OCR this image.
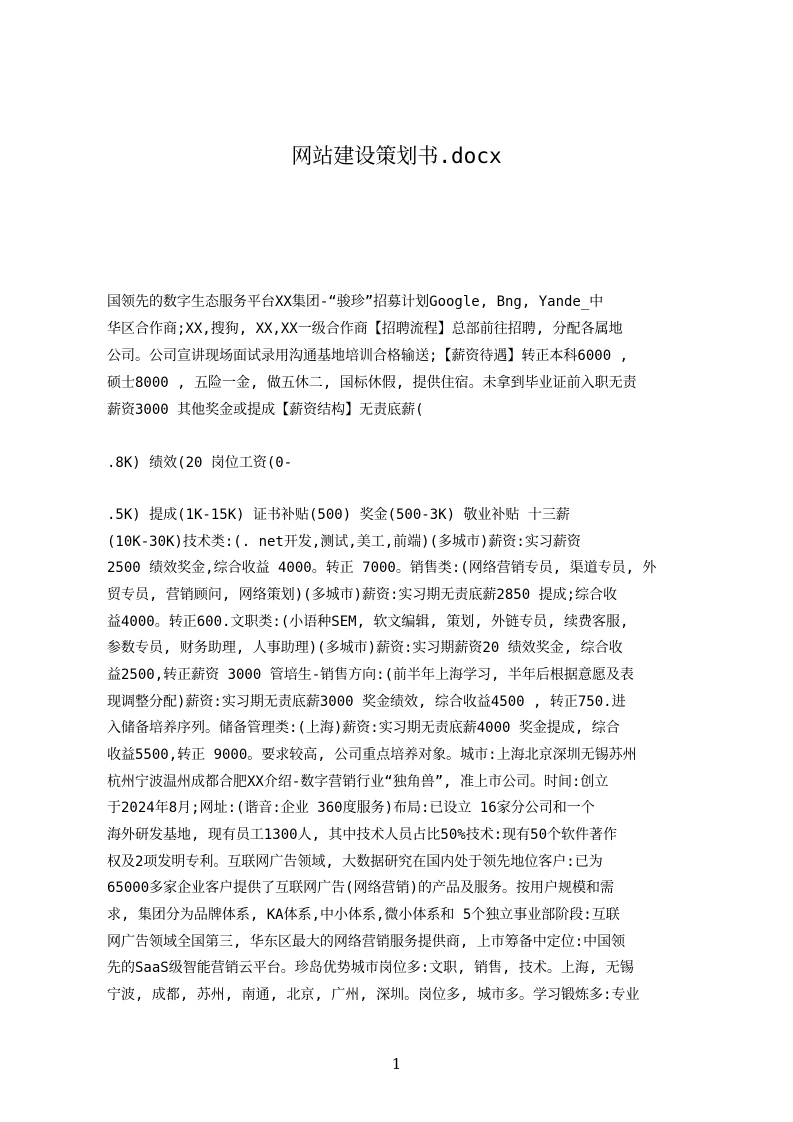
网站建设策划书.docx
国领先的数字生态服务平台XX集团-“骏珍”招募计划Google, Bng, Yande_中
华区合作商;XX,搜狗, XX,XX一级合作商【招聘流程】总部前往招聘, 分配各属地
公司。公司宣讲现场面试录用沟通基地培训合格输送;【薪资待遇】转正本科6000 ,
硕士8000 , 五险一金, 做五休二, 国标休假, 提供住宿。未拿到毕业证前入职无责
薪资3000 其他奖金或提成【薪资结构】无责底薪(
.8K) 绩效(20 岗位工资(0-
.5K) 提成(1K-15K) 证书补贴(500) 奖金(500-3K) 敬业补贴 十三薪
(10K-30K)技术类:(. net开发,测试,美工,前端)(多城市)薪资:实习薪资
2500 绩效奖金,综合收益 4000。转正 7000。销售类:(网络营销专员, 渠道专员, 外
贸专员, 营销顾问, 网络策划)(多城市)薪资:实习期无责底薪2850 提成;综合收
益4000。转正600.文职类:(小语种SEM, 软文编辑, 策划, 外链专员, 续费客服,
参数专员, 财务助理, 人事助理)(多城市)薪资:实习期薪资20 绩效奖金, 综合收
益2500,转正薪资 3000 管培生-销售方向:(前半年上海学习, 半年后根据意愿及表
现调整分配)薪资:实习期无责底薪3000 奖金绩效, 综合收益4500 , 转正750.进
入储备培养序列。储备管理类:(上海)薪资:实习期无责底薪4000 奖金提成, 综合
收益5500,转正 9000。要求较高, 公司重点培养对象。城市:上海北京深圳无锡苏州
杭州宁波温州成都合肥XX介绍-数字营销行业“独角兽”, 准上市公司。时间:创立
于2024年8月;网址:(谐音:企业 360度服务)布局:已设立 16家分公司和一个
海外研发基地, 现有员工1300人, 其中技术人员占比50%技术:现有50个软件著作
权及2项发明专利。互联网广告领域, 大数据研究在国内处于领先地位客户:已为
65000多家企业客户提供了互联网广告(网络营销)的产品及服务。按用户规模和需
求, 集团分为品牌体系, KA体系,中小体系,微小体系和 5个独立事业部阶段:互联
网广告领域全国第三, 华东区最大的网络营销服务提供商, 上市筹备中定位:中国领
先的SaaS级智能营销云平台。珍岛优势城市岗位多:文职, 销售, 技术。上海, 无锡
宁波, 成都, 苏州, 南通, 北京, 广州, 深圳。岗位多, 城市多。学习锻炼多:专业
1
